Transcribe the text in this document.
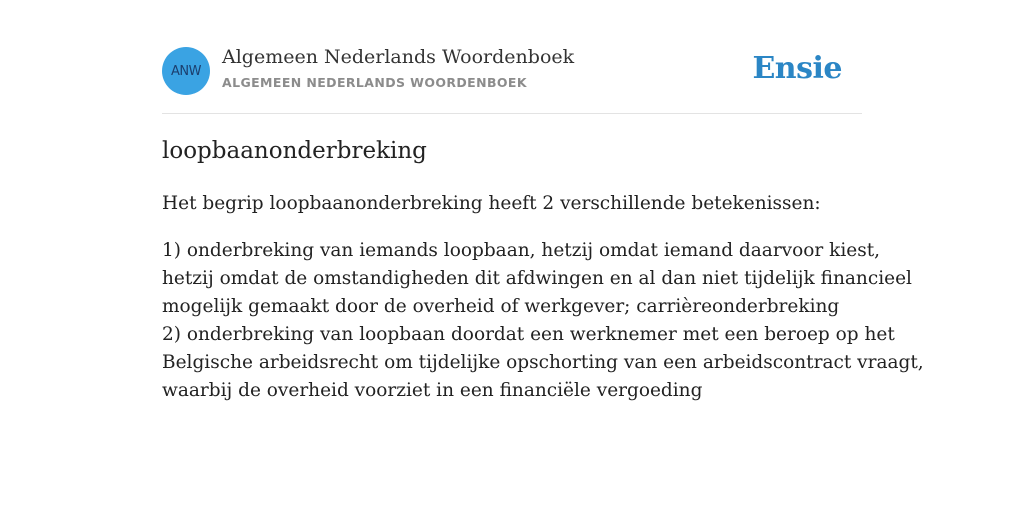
ANW
Algemeen Nederlands Woordenboek
ALGEMEEN NEDERLANDS WOORDENBOEK	Ensie
loopbaanonderbreking
Het begrip loopbaanonderbreking heeft 2 verschillende betekenissen:

1) onderbreking van iemands loopbaan, hetzij omdat iemand daarvoor kiest,
hetzij omdat de omstandigheden dit afdwingen en al dan niet tijdelijk financieel
mogelijk gemaakt door de overheid of werkgever; carrièreonderbreking

2) onderbreking van loopbaan doordat een werknemer met een beroep op het
Belgische arbeidsrecht om tijdelijke opschorting van een arbeidscontract vraagt,
waarbij de overheid voorziet in een financiële vergoeding
